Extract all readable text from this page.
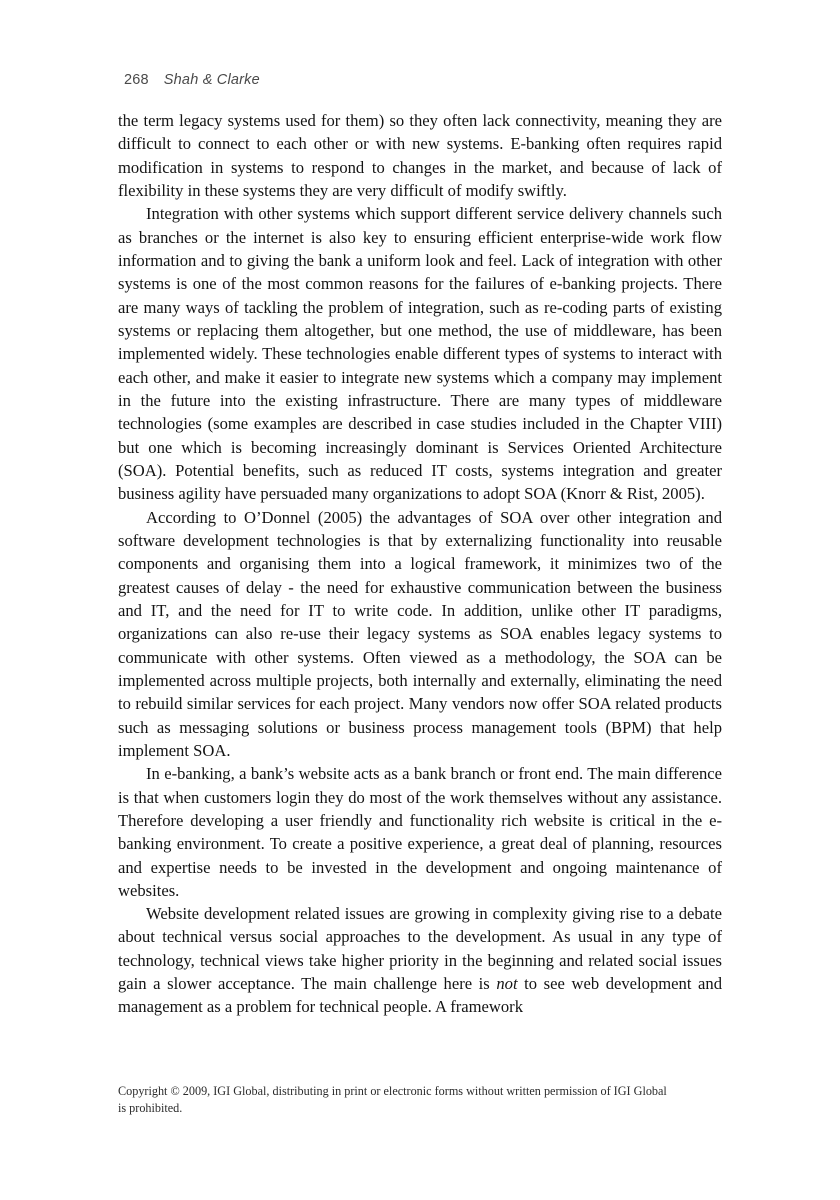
268 Shah & Clarke

the term legacy systems used for them) so they often lack connectivity, meaning they are difficult to connect to each other or with new systems. E-banking often requires rapid modification in systems to respond to changes in the market, and because of lack of flexibility in these systems they are very difficult of modify swiftly.

Integration with other systems which support different service delivery channels such as branches or the internet is also key to ensuring efficient enterprise-wide work flow information and to giving the bank a uniform look and feel. Lack of integration with other systems is one of the most common reasons for the failures of e-banking projects. There are many ways of tackling the problem of integration, such as re-coding parts of existing systems or replacing them altogether, but one method, the use of middleware, has been implemented widely. These technologies enable different types of systems to interact with each other, and make it easier to integrate new systems which a company may implement in the future into the existing infrastructure. There are many types of middleware technologies (some examples are described in case studies included in the Chapter VIII) but one which is becoming increasingly dominant is Services Oriented Architecture (SOA). Potential benefits, such as reduced IT costs, systems integration and greater business agility have persuaded many organizations to adopt SOA (Knorr & Rist, 2005).

According to O’Donnel (2005) the advantages of SOA over other integration and software development technologies is that by externalizing functionality into reusable components and organising them into a logical framework, it minimizes two of the greatest causes of delay - the need for exhaustive communication between the business and IT, and the need for IT to write code. In addition, unlike other IT paradigms, organizations can also re-use their legacy systems as SOA enables legacy systems to communicate with other systems. Often viewed as a methodology, the SOA can be implemented across multiple projects, both internally and externally, eliminating the need to rebuild similar services for each project. Many vendors now offer SOA related products such as messaging solutions or business process management tools (BPM) that help implement SOA.

In e-banking, a bank’s website acts as a bank branch or front end. The main difference is that when customers login they do most of the work themselves without any assistance. Therefore developing a user friendly and functionality rich website is critical in the e-banking environment. To create a positive experience, a great deal of planning, resources and expertise needs to be invested in the development and ongoing maintenance of websites.

Website development related issues are growing in complexity giving rise to a debate about technical versus social approaches to the development. As usual in any type of technology, technical views take higher priority in the beginning and related social issues gain a slower acceptance. The main challenge here is not to see web development and management as a problem for technical people. A framework

Copyright © 2009, IGI Global, distributing in print or electronic forms without written permission of IGI Global

is prohibited.
